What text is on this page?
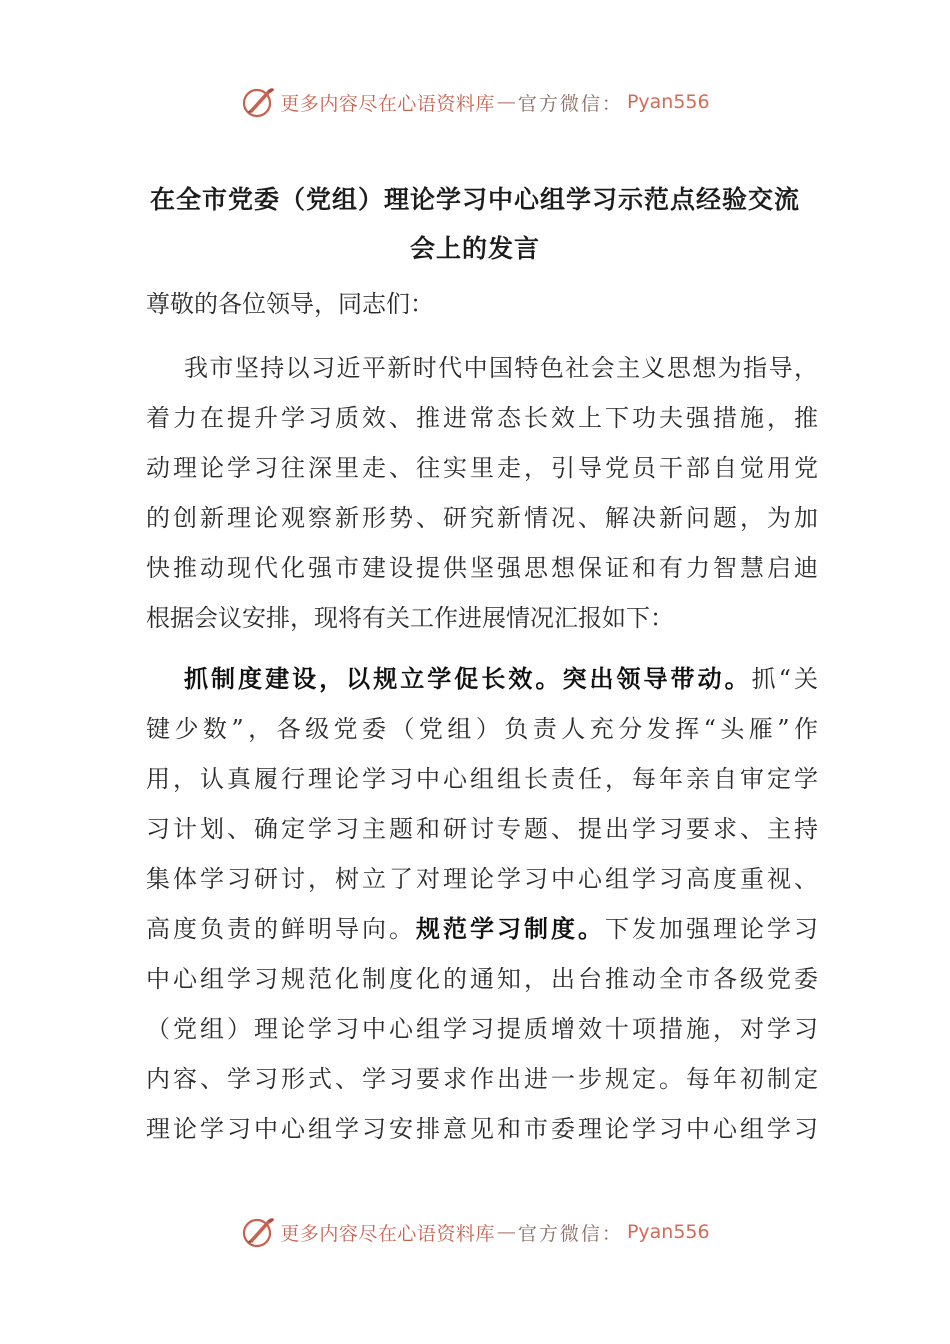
更多内容尽在心语资料库 — 官方微信： Pyan556
在全市党委（党组）理论学习中心组学习示范点经验交流
会上的发言
尊敬的各位领导，同志们：
我市坚持以习近平新时代中国特色社会主义思想为指导，
着力在提升学习质效、推进常态长效上下功夫强措施，推
动理论学习往深里走、往实里走，引导党员干部自觉用党
的创新理论观察新形势、研究新情况、解决新问题，为加
快推动现代化强市建设提供坚强思想保证和有力智慧启迪
根据会议安排，现将有关工作进展情况汇报如下：
抓制度建设，以规立学促长效。突出领导带动。抓“关
键少数”，各级党委（党组）负责人充分发挥“头雁”作
用，认真履行理论学习中心组组长责任，每年亲自审定学
习计划、确定学习主题和研讨专题、提出学习要求、主持
集体学习研讨，树立了对理论学习中心组学习高度重视、
高度负责的鲜明导向。规范学习制度。下发加强理论学习
中心组学习规范化制度化的通知，出台推动全市各级党委
（党组）理论学习中心组学习提质增效十项措施，对学习
内容、学习形式、学习要求作出进一步规定。每年初制定
理论学习中心组学习安排意见和市委理论学习中心组学习
更多内容尽在心语资料库 — 官方微信： Pyan556
